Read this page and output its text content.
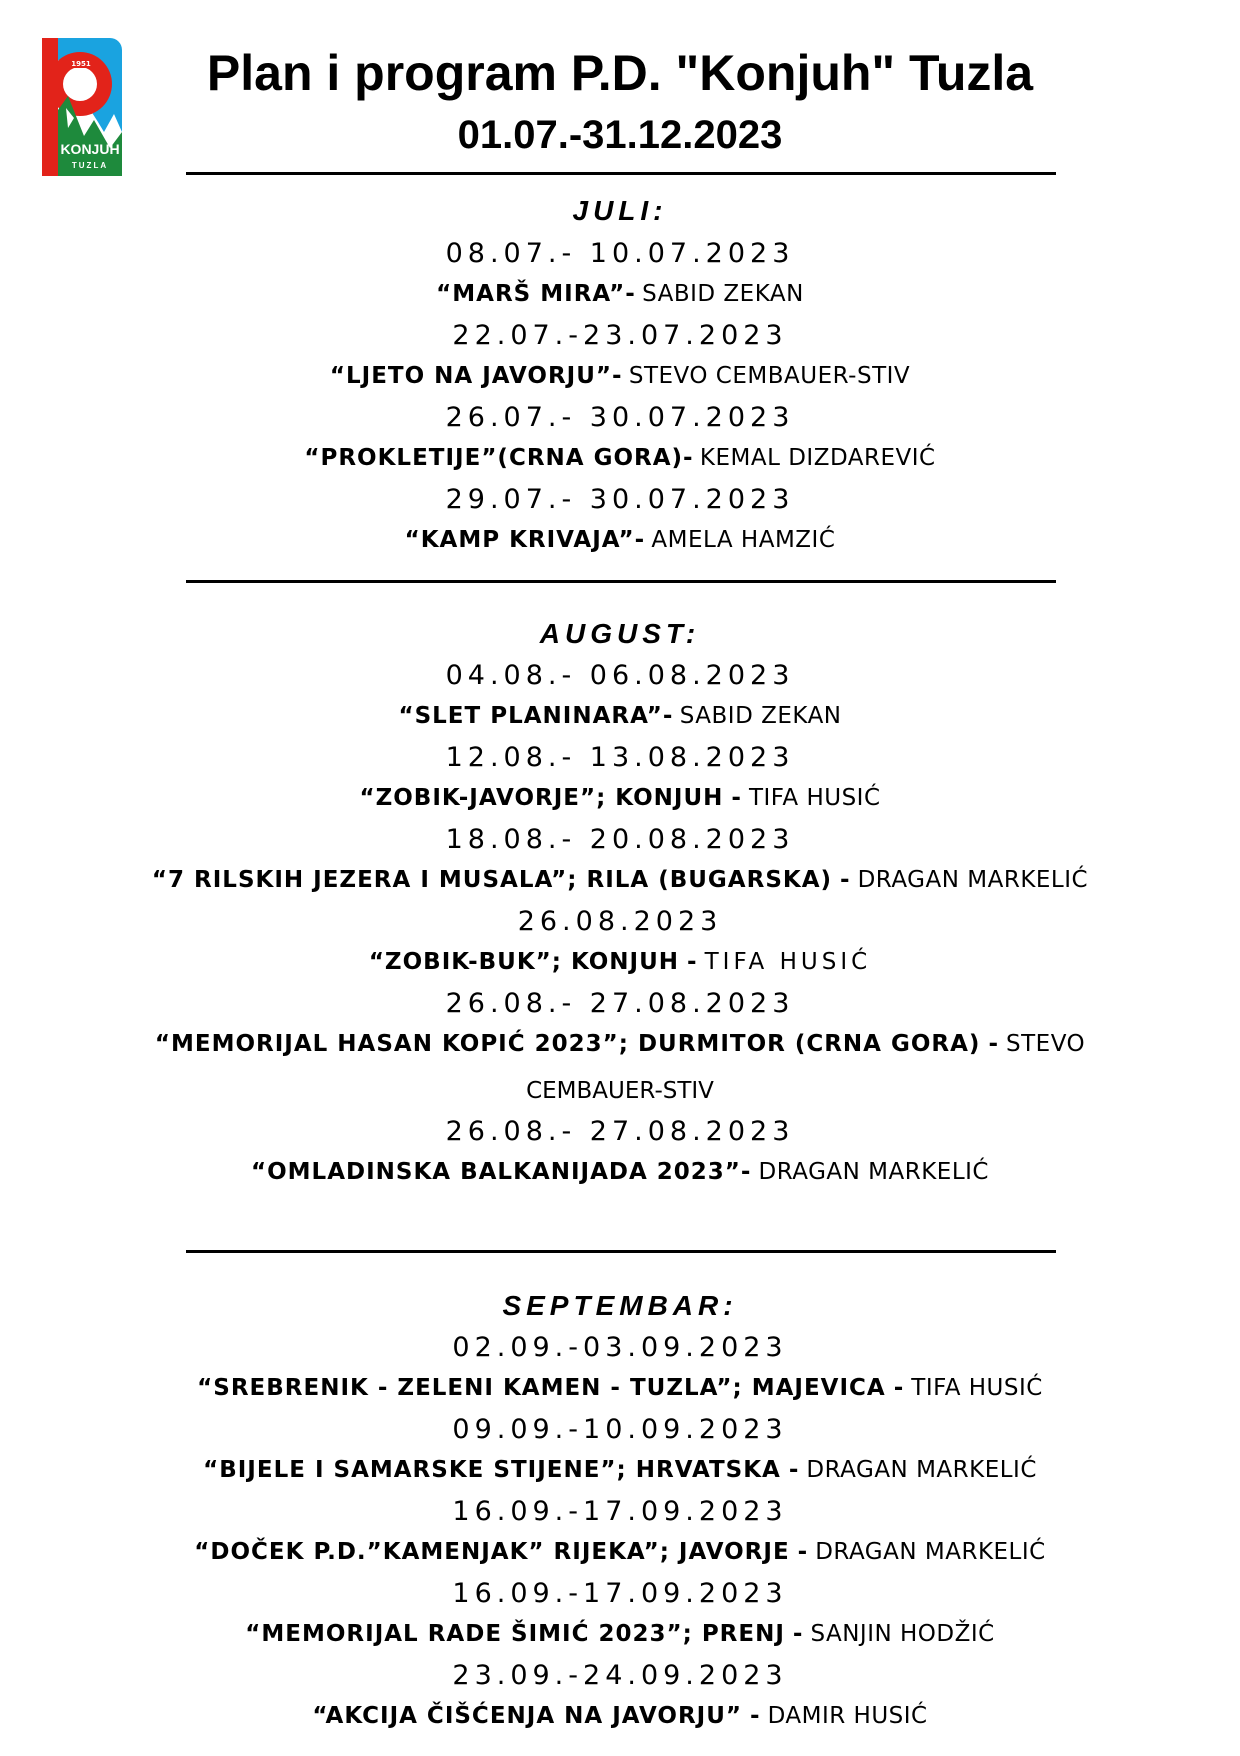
1951
KONJUH
TUZLA
Plan i program P.D. "Konjuh" Tuzla
01.07.-31.12.2023
JULI:
08.07.- 10.07.2023
“MARŠ MIRA”- SABID ZEKAN
22.07.-23.07.2023
“LJETO NA JAVORJU”- STEVO CEMBAUER-STIV
26.07.- 30.07.2023
“PROKLETIJE”(CRNA GORA)- KEMAL DIZDAREVIĆ
29.07.- 30.07.2023
“KAMP KRIVAJA”- AMELA HAMZIĆ
AUGUST:
04.08.- 06.08.2023
“SLET PLANINARA”- SABID ZEKAN
12.08.- 13.08.2023
“ZOBIK-JAVORJE”; KONJUH - TIFA HUSIĆ
18.08.- 20.08.2023
“7 RILSKIH JEZERA I MUSALA”; RILA (BUGARSKA) - DRAGAN MARKELIĆ
26.08.2023
“ZOBIK-BUK”; KONJUH - TIFA HUSIĆ
26.08.- 27.08.2023
“MEMORIJAL HASAN KOPIĆ 2023”; DURMITOR (CRNA GORA) - STEVO
CEMBAUER-STIV
26.08.- 27.08.2023
“OMLADINSKA BALKANIJADA 2023”- DRAGAN MARKELIĆ
SEPTEMBAR:
02.09.-03.09.2023
“SREBRENIK - ZELENI KAMEN - TUZLA”; MAJEVICA - TIFA HUSIĆ
09.09.-10.09.2023
“BIJELE I SAMARSKE STIJENE”; HRVATSKA - DRAGAN MARKELIĆ
16.09.-17.09.2023
“DOČEK P.D.”KAMENJAK” RIJEKA”; JAVORJE - DRAGAN MARKELIĆ
16.09.-17.09.2023
“MEMORIJAL RADE ŠIMIĆ 2023”; PRENJ - SANJIN HODŽIĆ
23.09.-24.09.2023
“AKCIJA ČIŠĆENJA NA JAVORJU” - DAMIR HUSIĆ
